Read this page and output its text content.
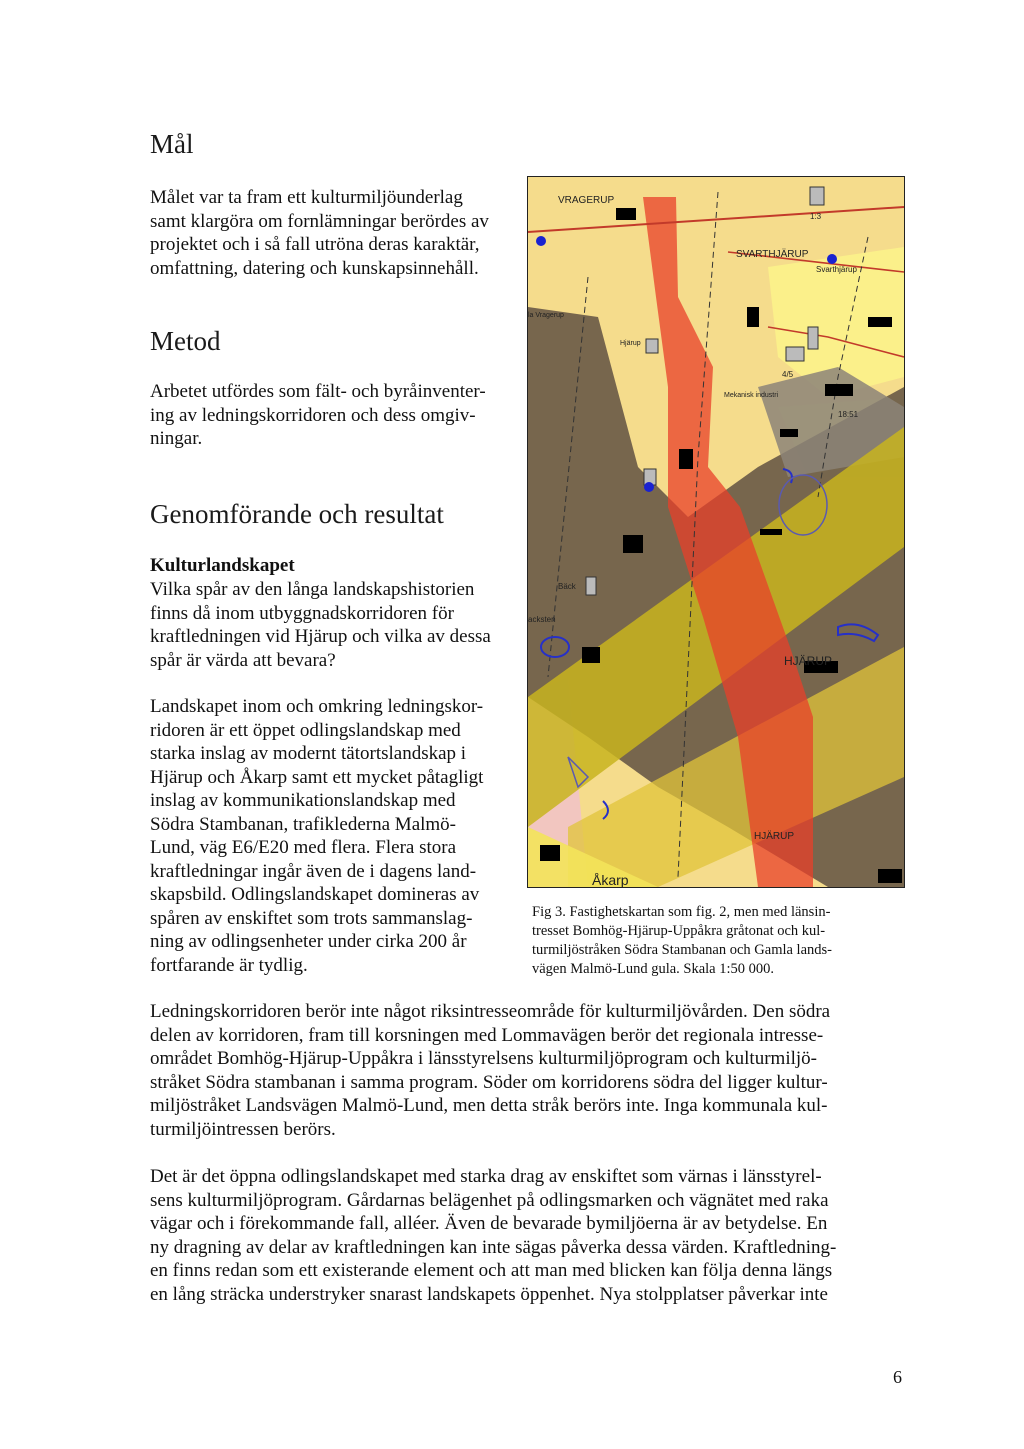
Mål

Målet var ta fram ett kulturmiljöunderlag

samt klargöra om fornlämningar berördes av

projektet och i så fall utröna deras karaktär,

omfattning, datering och kunskapsinnehåll.

Metod

Arbetet utfördes som fält- och byråinventer-

ing av ledningskorridoren och dess omgiv-

ningar.

Genomförande och resultat
Kulturlandskapet

Vilka spår av den långa landskapshistorien

finns då inom utbyggnadskorridoren för

kraftledningen vid Hjärup och vilka av dessa

spår är värda att bevara?

Landskapet inom och omkring ledningskor-

ridoren är ett öppet odlingslandskap med

starka inslag av modernt tätortslandskap i

Hjärup och Åkarp samt ett mycket påtagligt

inslag av kommunikationslandskap med

Södra Stambanan, trafiklederna Malmö-

Lund, väg E6/E20 med flera. Flera stora

kraftledningar ingår även de i dagens land-

skapsbild. Odlingslandskapet domineras av

spåren av enskiftet som trots sammanslag-

ning av odlingsenheter under cirka 200 år

fortfarande är tydlig.

VRAGERUP
SVARTHJÄRUP
Svarthjärup
la Vragerup
Hjärup
Mekanisk industri
4/5
18:51
1:3
Bäck
acksten
HJÄRUP
HJÄRUP
Åkarp

Fig 3. Fastighetskartan som fig. 2, men med länsin-

tresset Bomhög-Hjärup-Uppåkra gråtonat och kul-

turmiljöstråken Södra Stambanan och Gamla lands-

vägen Malmö-Lund gula. Skala 1:50 000.

Ledningskorridoren berör inte något riksintresseområde för kulturmiljövården. Den södra

delen av korridoren, fram till korsningen med Lommavägen berör det regionala intresse-

området Bomhög-Hjärup-Uppåkra i länsstyrelsens kulturmiljöprogram och kulturmiljö-

stråket Södra stambanan i samma program. Söder om korridorens södra del ligger kultur-

miljöstråket Landsvägen Malmö-Lund, men detta stråk berörs inte. Inga kommunala kul-

turmiljöintressen berörs.

Det är det öppna odlingslandskapet med starka drag av enskiftet som värnas i länsstyrel-

sens kulturmiljöprogram. Gårdarnas belägenhet på odlingsmarken och vägnätet med raka

vägar och i förekommande fall, alléer. Även de bevarade bymiljöerna är av betydelse. En

ny dragning av delar av kraftledningen kan inte sägas påverka dessa värden. Kraftledning-

en finns redan som ett existerande element och att man med blicken kan följa denna längs

en lång sträcka understryker snarast landskapets öppenhet. Nya stolpplatser påverkar inte

6
